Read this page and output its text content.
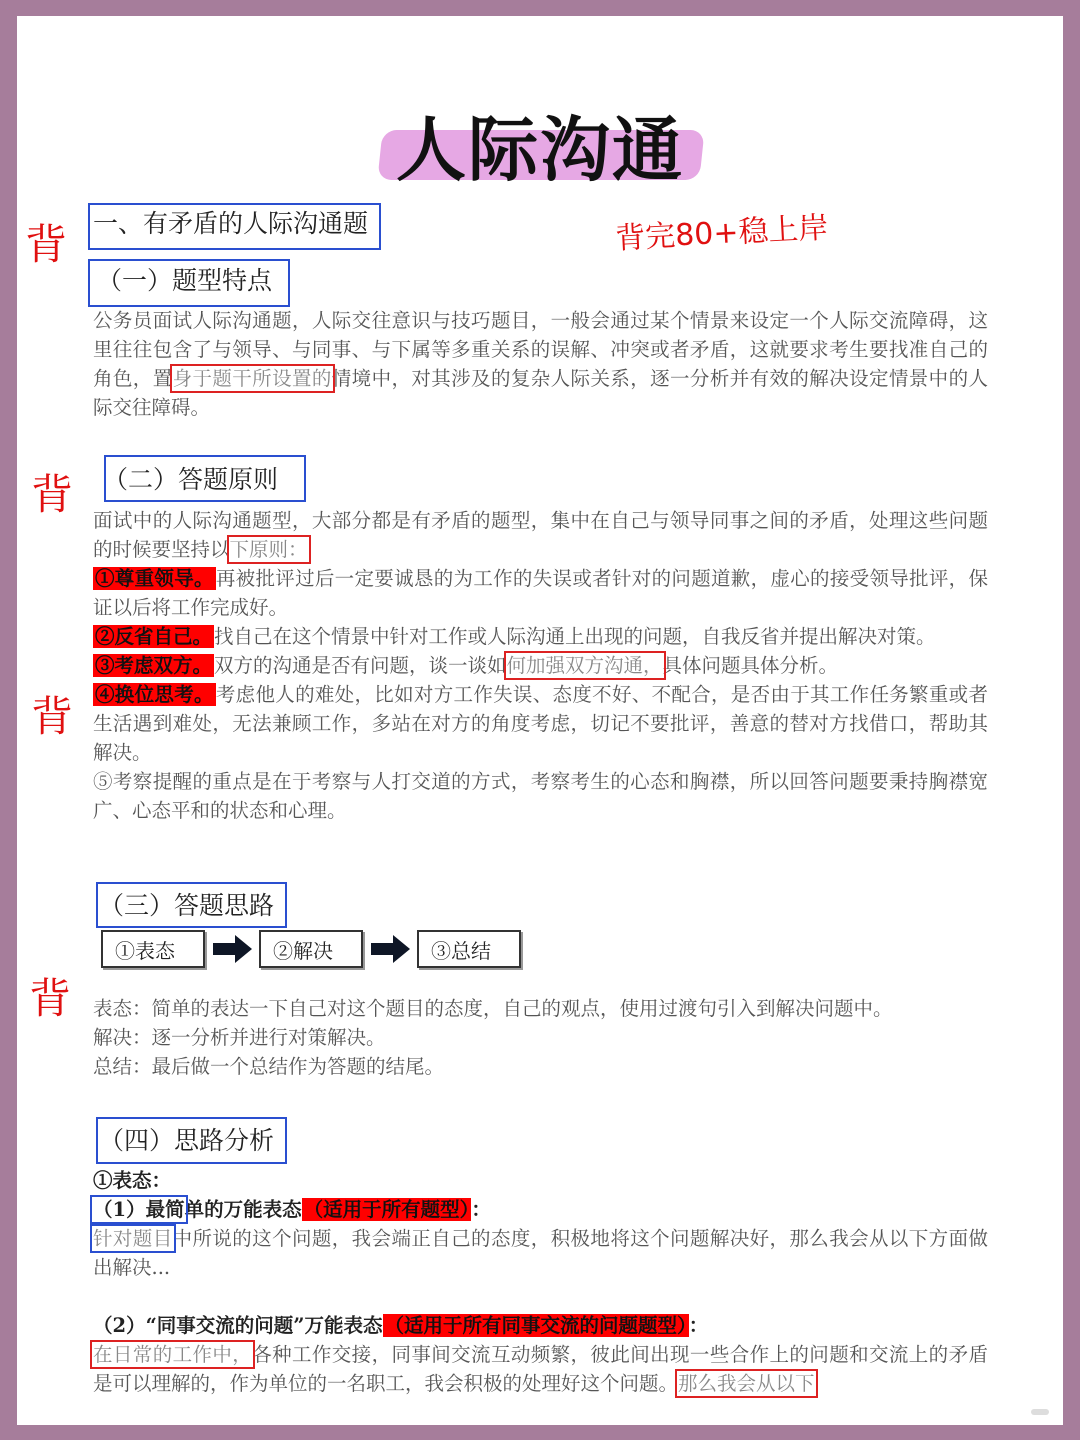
人际沟通
背	背完80+稳上岸
背
背
背
一、有矛盾的人际沟通题
（一）题型特点

公务员面试人际沟通题，人际交往意识与技巧题目，一般会通过某个情景来设定一个人际交流障碍，这里往往包含了与领导、与同事、与下属等多重关系的误解、冲突或者矛盾，这就要求考生要找准自己的角色，置身于题干所设置的情境中，对其涉及的复杂人际关系，逐一分析并有效的解决设定情景中的人际交往障碍。

（二）答题原则

面试中的人际沟通题型，大部分都是有矛盾的题型，集中在自己与领导同事之间的矛盾，处理这些问题的时候要坚持以下原则：

①尊重领导。 再被批评过后一定要诚恳的为工作的失误或者针对的问题道歉，虚心的接受领导批评，保证以后将工作完成好。

②反省自己。 找自己在这个情景中针对工作或人际沟通上出现的问题，自我反省并提出解决对策。

③考虑双方。 双方的沟通是否有问题，谈一谈如何加强双方沟通，具体问题具体分析。

④换位思考。 考虑他人的难处，比如对方工作失误、态度不好、不配合，是否由于其工作任务繁重或者生活遇到难处，无法兼顾工作，多站在对方的角度考虑，切记不要批评，善意的替对方找借口，帮助其解决。

⑤考察提醒的重点是在于考察与人打交道的方式，考察考生的心态和胸襟，所以回答问题要秉持胸襟宽广、心态平和的状态和心理。

（三）答题思路
①表态	②解决	③总结

表态：简单的表达一下自己对这个题目的态度，自己的观点，使用过渡句引入到解决问题中。

解决：逐一分析并进行对策解决。

总结：最后做一个总结作为答题的结尾。

（四）思路分析

①表态：

（1）最简单的万能表态 （适用于所有题型） ：

针对题目中所说的这个问题，我会端正自己的态度，积极地将这个问题解决好，那么我会从以下方面做出解决...

（2）“同事交流的问题”万能表态 （适用于所有同事交流的问题题型） ：

在日常的工作中，各种工作交接，同事间交流互动频繁，彼此间出现一些合作上的问题和交流上的矛盾是可以理解的，作为单位的一名职工，我会积极的处理好这个问题。那么我会从以下
